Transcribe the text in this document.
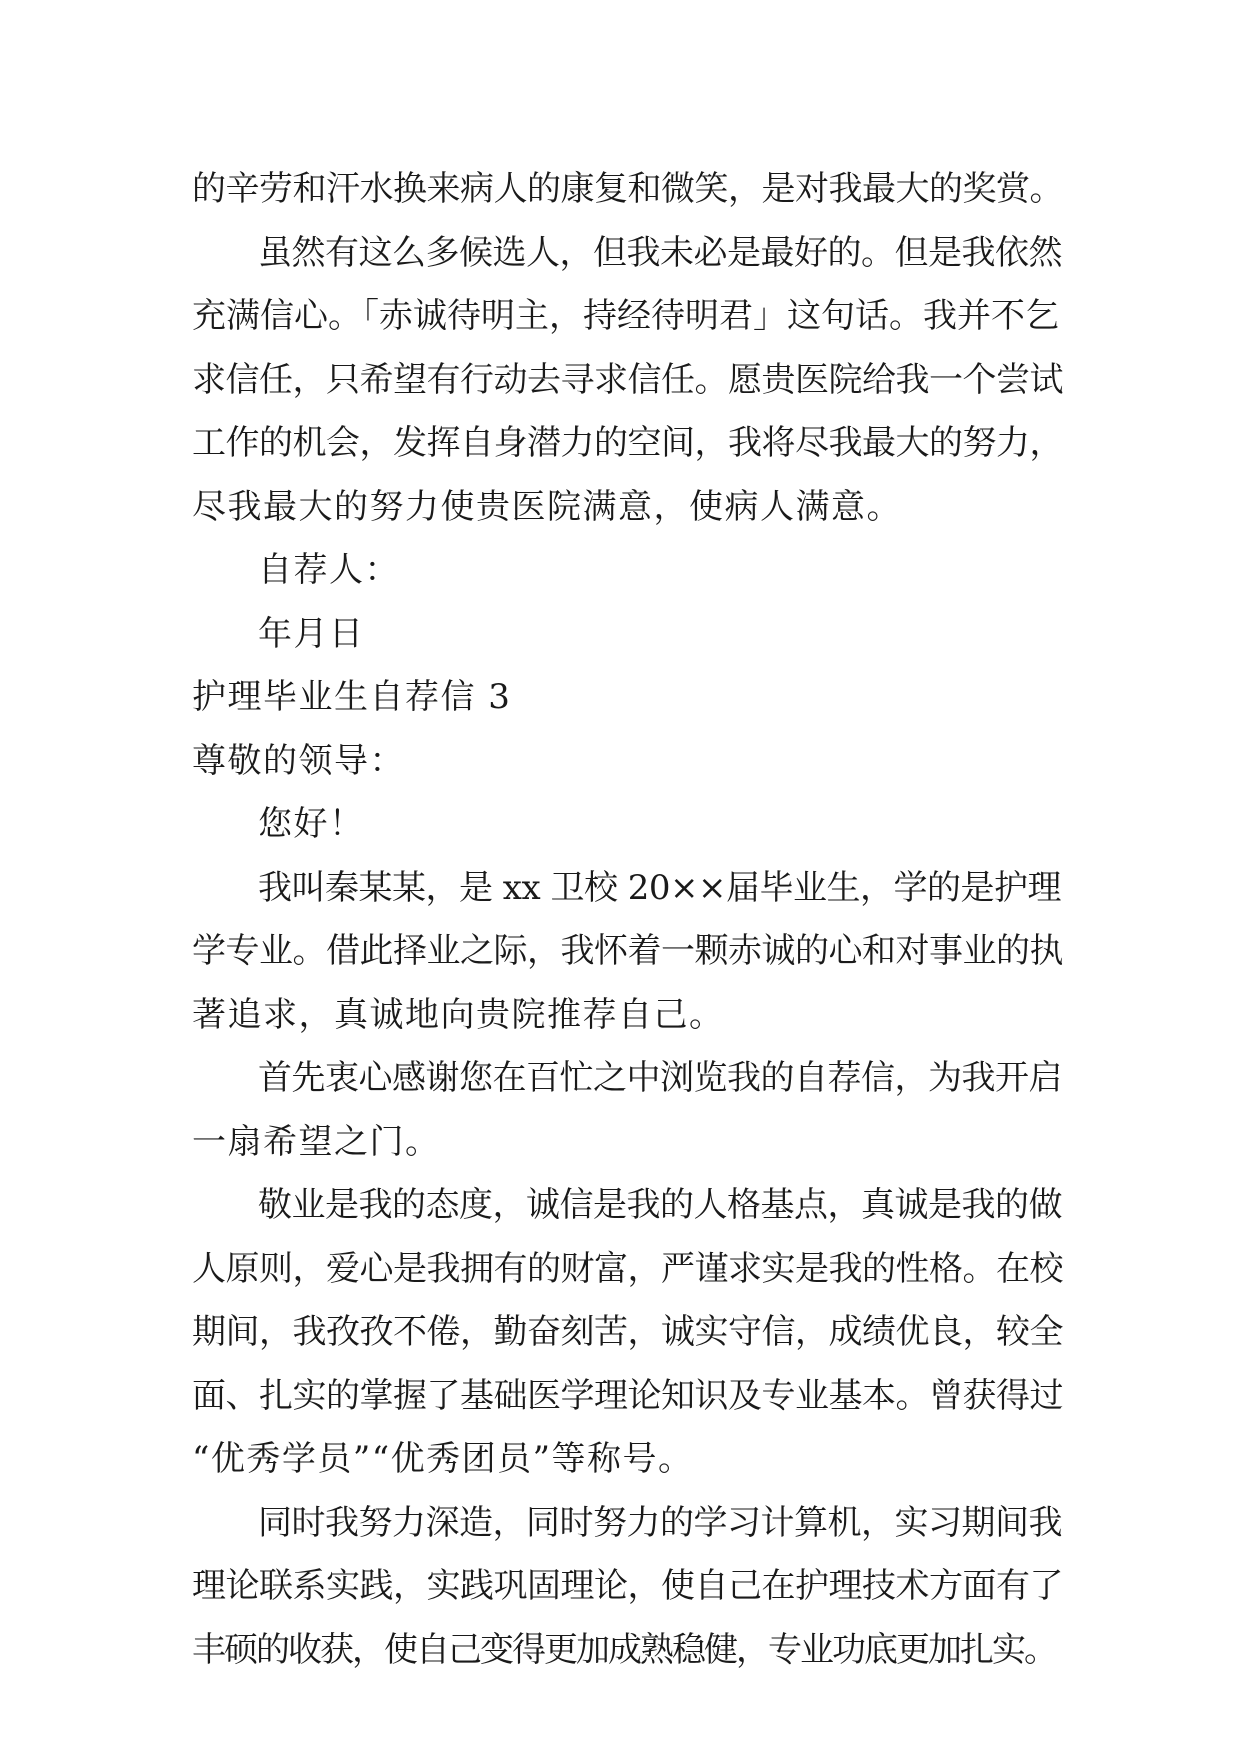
的辛劳和汗水换来病人的康复和微笑，是对我最大的奖赏。
虽然有这么多候选人，但我未必是最好的。但是我依然
充满信心。「赤诚待明主，持经待明君」这句话。我并不乞
求信任，只希望有行动去寻求信任。愿贵医院给我一个尝试
工作的机会，发挥自身潜力的空间，我将尽我最大的努力，
尽我最大的努力使贵医院满意，使病人满意。
自荐人：
年月日
护理毕业生自荐信 3
尊敬的领导：
您好！
我叫秦某某，是 xx 卫校 20××届毕业生，学的是护理
学专业。借此择业之际，我怀着一颗赤诚的心和对事业的执
著追求，真诚地向贵院推荐自己。
首先衷心感谢您在百忙之中浏览我的自荐信，为我开启
一扇希望之门。
敬业是我的态度，诚信是我的人格基点，真诚是我的做
人原则，爱心是我拥有的财富，严谨求实是我的性格。在校
期间，我孜孜不倦，勤奋刻苦，诚实守信，成绩优良，较全
面、扎实的掌握了基础医学理论知识及专业基本。曾获得过
“优秀学员”“优秀团员”等称号。
同时我努力深造，同时努力的学习计算机，实习期间我
理论联系实践，实践巩固理论，使自己在护理技术方面有了
丰硕的收获，使自己变得更加成熟稳健，专业功底更加扎实。
